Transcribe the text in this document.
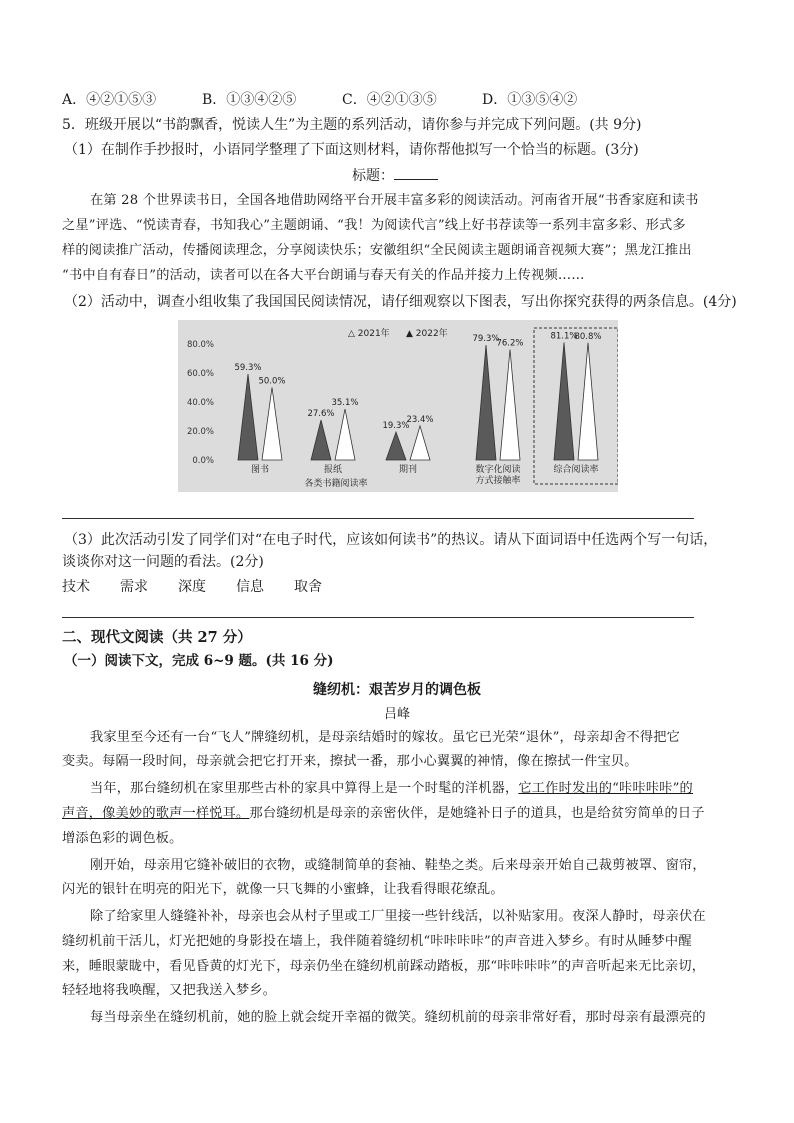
A．④②①⑤③	B．①③④②⑤	C．④②①③⑤	D．①③⑤④②
5．班级开展以“书韵飘香，悦读人生”为主题的系列活动，请你参与并完成下列问题。(共 9分)
（1）在制作手抄报时，小语同学整理了下面这则材料，请你帮他拟写一个恰当的标题。(3分)
标题：
在第 28 个世界读书日，全国各地借助网络平台开展丰富多彩的阅读活动。河南省开展“书香家庭和读书
之星”评选、“悦读青春，书知我心”主题朗诵、“我！为阅读代言”线上好书荐读等一系列丰富多彩、形式多
样的阅读推广活动，传播阅读理念，分享阅读快乐；安徽组织“全民阅读主题朗诵音视频大赛”；黑龙江推出
“书中自有春日”的活动，读者可以在各大平台朗诵与春天有关的作品并接力上传视频……
（2）活动中，调查小组收集了我国国民阅读情况，请仔细观察以下图表，写出你探究获得的两条信息。(4分)
0.0%
20.0%
40.0%
60.0%
80.0%
△ 2021年 ▲ 2022年
59.3%
50.0%
图书
27.6%
35.1%
报纸
19.3%
23.4%
期刊
79.3%
76.2%
数字化阅读
方式接触率
81.1%
80.8%
综合阅读率
各类书籍阅读率
（3）此次活动引发了同学们对“在电子时代，应该如何读书”的热议。请从下面词语中任选两个写一句话，
谈谈你对这一问题的看法。(2分)
技术 需求 深度 信息 取舍
二、现代文阅读（共 27 分）
（一）阅读下文，完成 6~9 题。(共 16 分)
缝纫机：艰苦岁月的调色板
吕峰
我家里至今还有一台“飞人”牌缝纫机，是母亲结婚时的嫁妆。虽它已光荣“退休”，母亲却舍不得把它
变卖。每隔一段时间，母亲就会把它打开来，擦拭一番，那小心翼翼的神情，像在擦拭一件宝贝。
当年，那台缝纫机在家里那些古朴的家具中算得上是一个时髦的洋机器，它工作时发出的“咔咔咔咔”的
声音，像美妙的歌声一样悦耳。那台缝纫机是母亲的亲密伙伴，是她缝补日子的道具，也是给贫穷简单的日子
增添色彩的调色板。
刚开始，母亲用它缝补破旧的衣物，或缝制简单的套袖、鞋垫之类。后来母亲开始自己裁剪被罩、窗帘，
闪光的银针在明亮的阳光下，就像一只飞舞的小蜜蜂，让我看得眼花缭乱。
除了给家里人缝缝补补，母亲也会从村子里或工厂里接一些针线活，以补贴家用。夜深人静时，母亲伏在
缝纫机前干活儿，灯光把她的身影投在墙上，我伴随着缝纫机“咔咔咔咔”的声音进入梦乡。有时从睡梦中醒
来，睡眼蒙眬中，看见昏黄的灯光下，母亲仍坐在缝纫机前踩动踏板，那“咔咔咔咔”的声音听起来无比亲切，
轻轻地将我唤醒，又把我送入梦乡。
每当母亲坐在缝纫机前，她的脸上就会绽开幸福的微笑。缝纫机前的母亲非常好看，那时母亲有最漂亮的
